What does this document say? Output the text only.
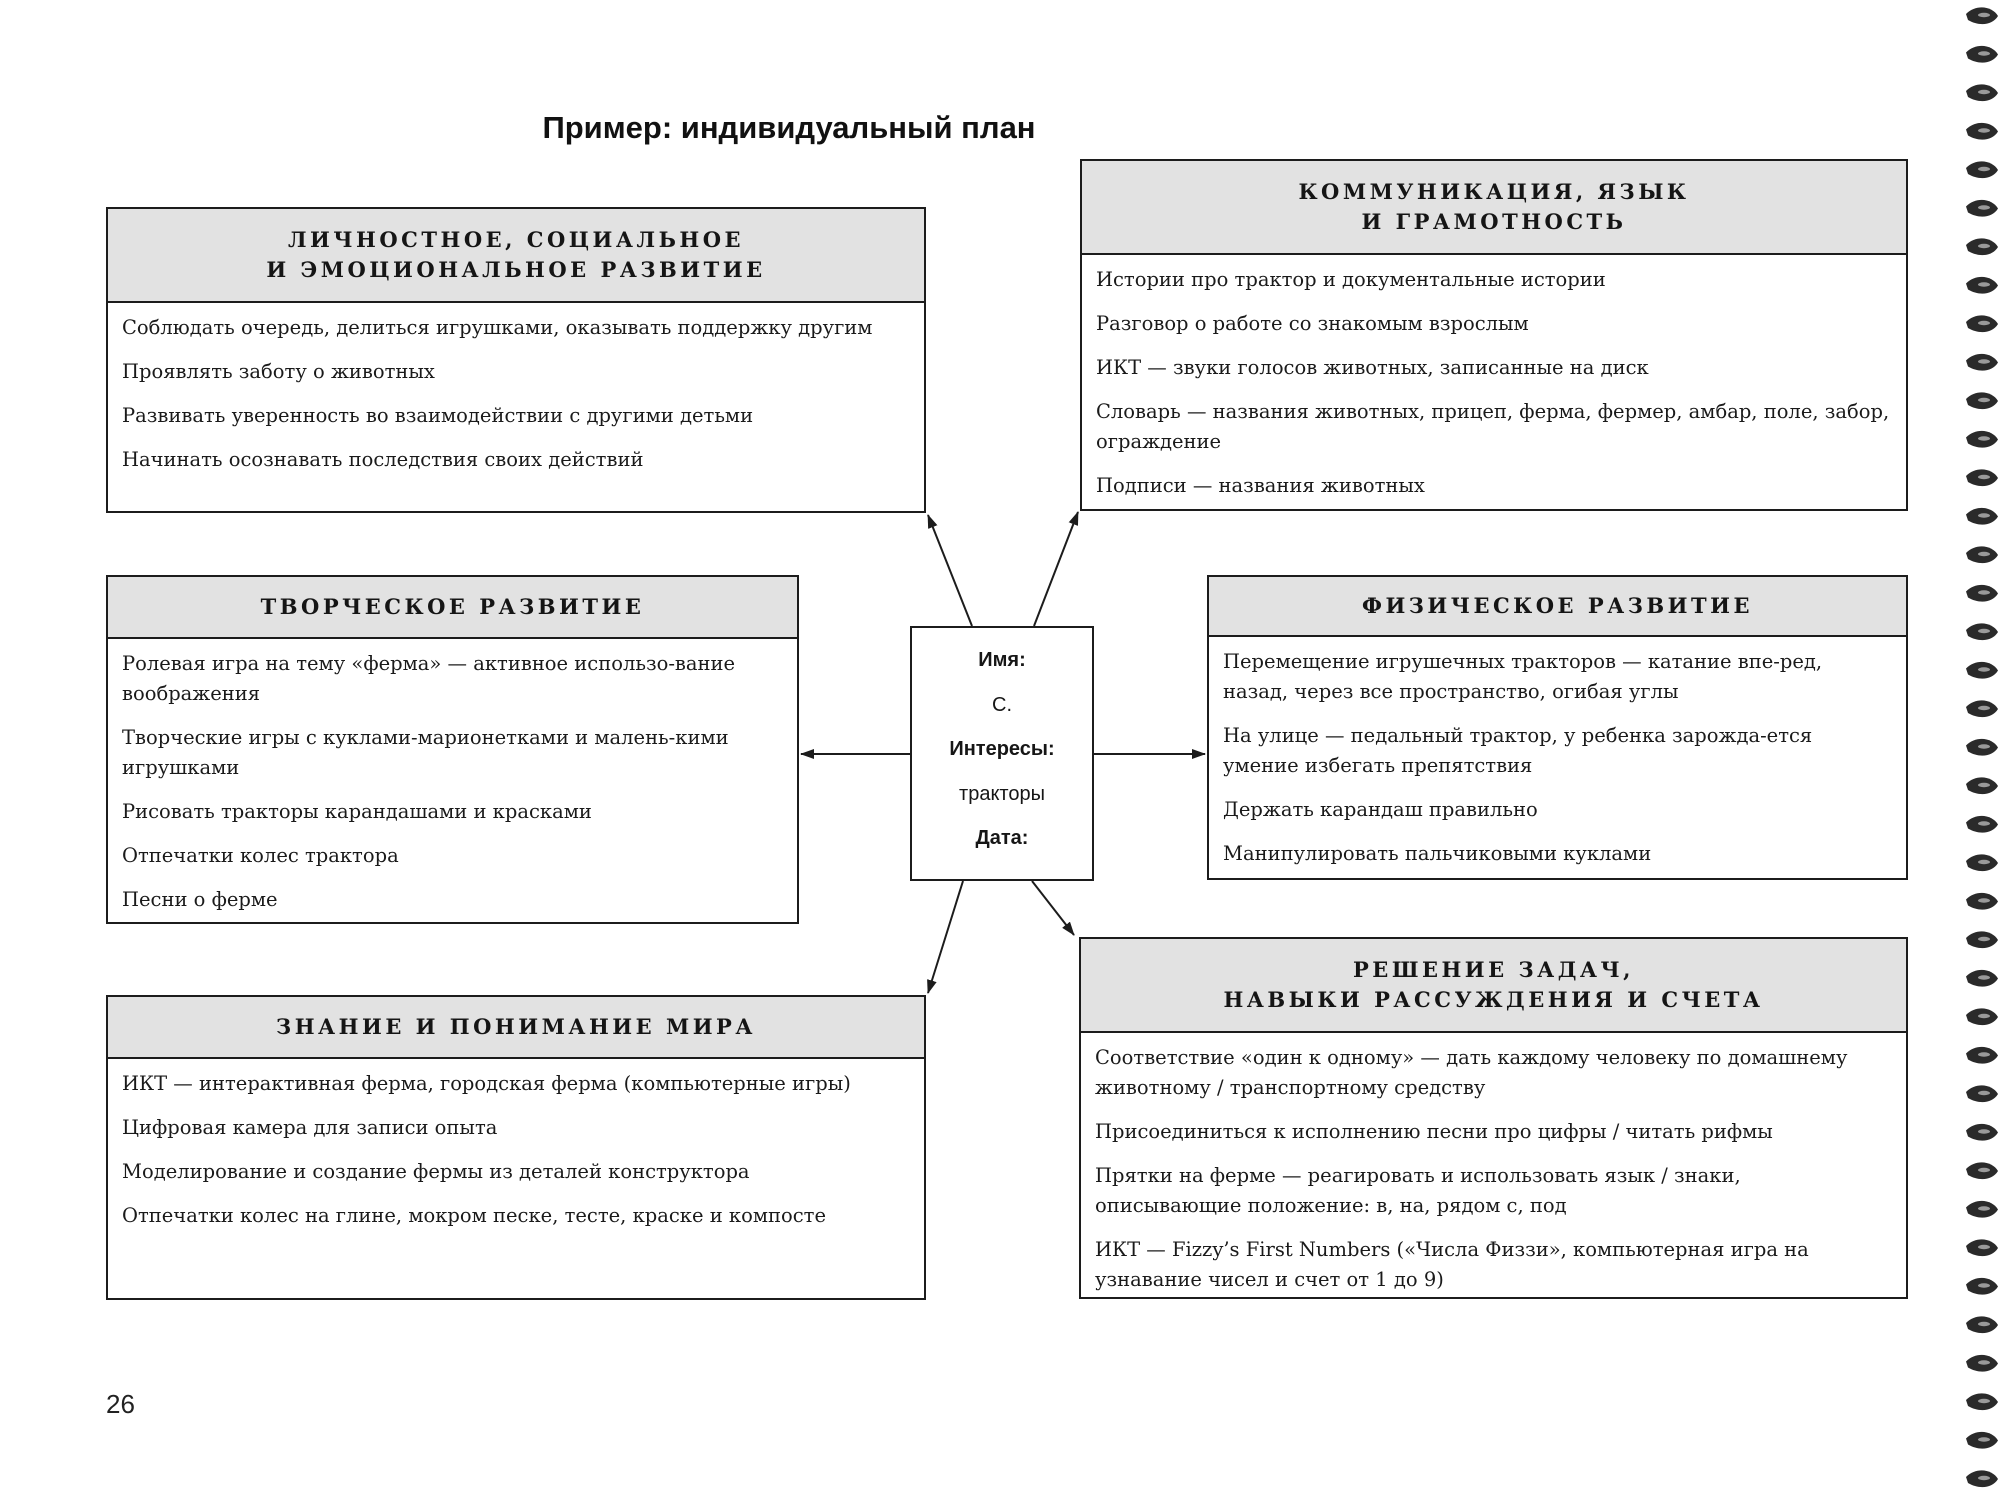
Пример: индивидуальный план
ЛИЧНОСТНОЕ, СОЦИАЛЬНОЕ
И ЭМОЦИОНАЛЬНОЕ РАЗВИТИЕ
Соблюдать очередь, делиться игрушками, оказывать поддержку другим
Проявлять заботу о животных
Развивать уверенность во взаимодействии с другими детьми
Начинать осознавать последствия своих действий
КОММУНИКАЦИЯ, ЯЗЫК
И ГРАМОТНОСТЬ
Истории про трактор и документальные истории
Разговор о работе со знакомым взрослым
ИКТ — звуки голосов животных, записанные на диск
Словарь — названия животных, прицеп, ферма, фермер, амбар, поле, забор, ограждение
Подписи — названия животных
ТВОРЧЕСКОЕ РАЗВИТИЕ
Ролевая игра на тему «ферма» — активное использо-вание воображения
Творческие игры с куклами-марионетками и малень-кими игрушками
Рисовать тракторы карандашами и красками
Отпечатки колес трактора
Песни о ферме
Имя:
С.
Интересы:
тракторы
Дата:
ФИЗИЧЕСКОЕ РАЗВИТИЕ
Перемещение игрушечных тракторов — катание впе-ред, назад, через все пространство, огибая углы
На улице — педальный трактор, у ребенка зарожда-ется умение избегать препятствия
Держать карандаш правильно
Манипулировать пальчиковыми куклами
ЗНАНИЕ И ПОНИМАНИЕ МИРА
ИКТ — интерактивная ферма, городская ферма (компьютерные игры)
Цифровая камера для записи опыта
Моделирование и создание фермы из деталей конструктора
Отпечатки колес на глине, мокром песке, тесте, краске и компосте
РЕШЕНИЕ ЗАДАЧ,
НАВЫКИ РАССУЖДЕНИЯ И СЧЕТА
Соответствие «один к одному» — дать каждому человеку по домашнему животному / транспортному средству
Присоединиться к исполнению песни про цифры / читать рифмы
Прятки на ферме — реагировать и использовать язык / знаки, описывающие положение: в, на, рядом с, под
ИКТ — Fizzy’s First Numbers («Числа Физзи», компьютерная игра на узнавание чисел и счет от 1 до 9)
26
